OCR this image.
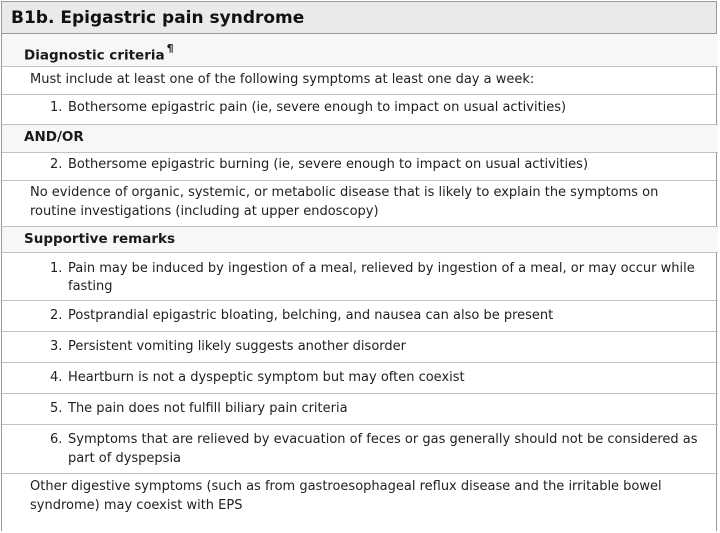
B1b. Epigastric pain syndrome
Diagnostic criteria ¶
Must include at least one of the following symptoms at least one day a week:
1. Bothersome epigastric pain (ie, severe enough to impact on usual activities)
AND/OR
2. Bothersome epigastric burning (ie, severe enough to impact on usual activities)
No evidence of organic, systemic, or metabolic disease that is likely to explain the symptoms on
routine investigations (including at upper endoscopy)
Supportive remarks
1. Pain may be induced by ingestion of a meal, relieved by ingestion of a meal, or may occur while
fasting
2. Postprandial epigastric bloating, belching, and nausea can also be present
3. Persistent vomiting likely suggests another disorder
4. Heartburn is not a dyspeptic symptom but may often coexist
5. The pain does not fulfill biliary pain criteria
6. Symptoms that are relieved by evacuation of feces or gas generally should not be considered as
part of dyspepsia
Other digestive symptoms (such as from gastroesophageal reflux disease and the irritable bowel
syndrome) may coexist with EPS
